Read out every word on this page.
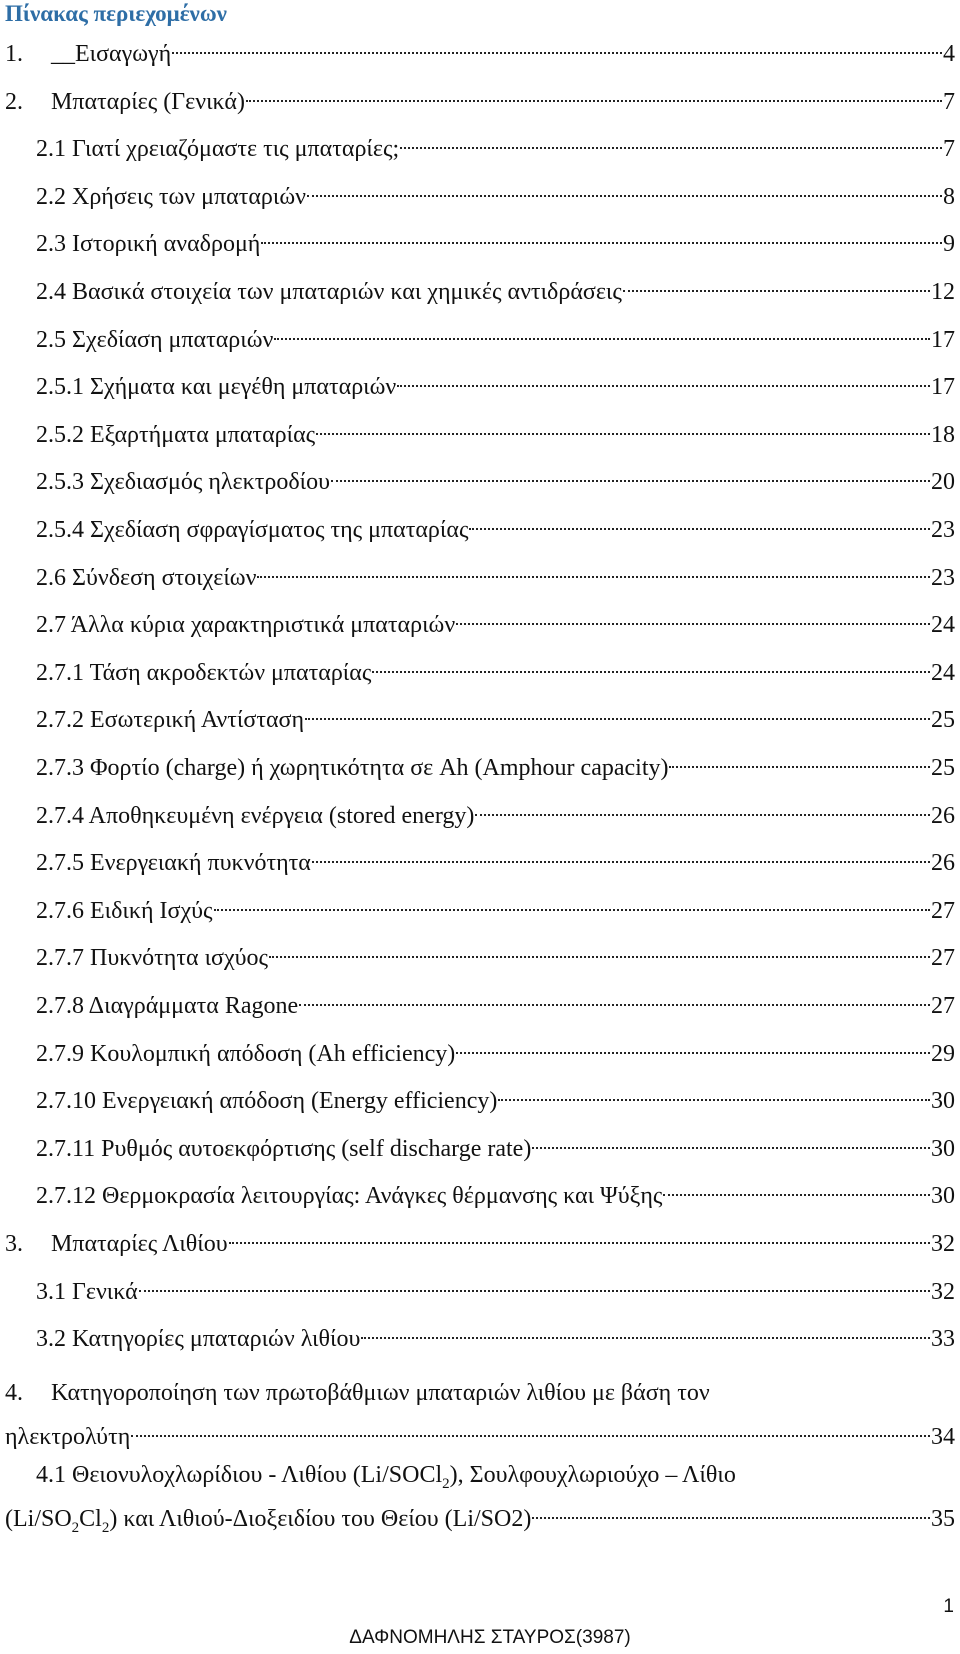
Πίνακας περιεχομένων
1.	__Εισαγωγή	4
2.	Μπαταρίες (Γενικά)	7
2.1 Γιατί χρειαζόμαστε τις μπαταρίες;	7
2.2 Χρήσεις των μπαταριών	8
2.3 Ιστορική αναδρομή	9
2.4 Βασικά στοιχεία των μπαταριών και χημικές αντιδράσεις	12
2.5 Σχεδίαση μπαταριών	17
2.5.1 Σχήματα και μεγέθη μπαταριών	17
2.5.2 Εξαρτήματα μπαταρίας	18
2.5.3 Σχεδιασμός ηλεκτροδίου	20
2.5.4 Σχεδίαση σφραγίσματος της μπαταρίας	23
2.6 Σύνδεση στοιχείων	23
2.7 Άλλα κύρια χαρακτηριστικά μπαταριών	24
2.7.1 Τάση ακροδεκτών μπαταρίας	24
2.7.2 Εσωτερική Αντίσταση	25
2.7.3 Φορτίο (charge) ή χωρητικότητα σε Ah (Amphour capacity)	25
2.7.4 Αποθηκευμένη ενέργεια (stored energy)	26
2.7.5 Ενεργειακή πυκνότητα	26
2.7.6 Ειδική Ισχύς	27
2.7.7 Πυκνότητα ισχύος	27
2.7.8 Διαγράμματα Ragone	27
2.7.9 Κουλομπική απόδοση (Ah efficiency)	29
2.7.10 Ενεργειακή απόδοση (Energy efficiency)	30
2.7.11 Ρυθμός αυτοεκφόρτισης (self discharge rate)	30
2.7.12 Θερμοκρασία λειτουργίας: Ανάγκες θέρμανσης και Ψύξης	30
3.	Μπαταρίες Λιθίου	32
3.1 Γενικά	32
3.2 Κατηγορίες μπαταριών λιθίου	33
4. Κατηγοροποίηση των πρωτοβάθμιων μπαταριών λιθίου με βάση τον
ηλεκτρολύτη	34
4.1 Θειονυλοχλωρίδιου - Λιθίου (Li/SOCl$_2$), Σουλφουχλωριούχο – Λίθιο
$(Li/SO_2Cl_2)$ και Λιθιού-Διοξειδίου του Θείου (Li/SO2)	35
1
ΔΑΦΝΟΜΗΛΗΣ ΣΤΑΥΡΟΣ(3987)
